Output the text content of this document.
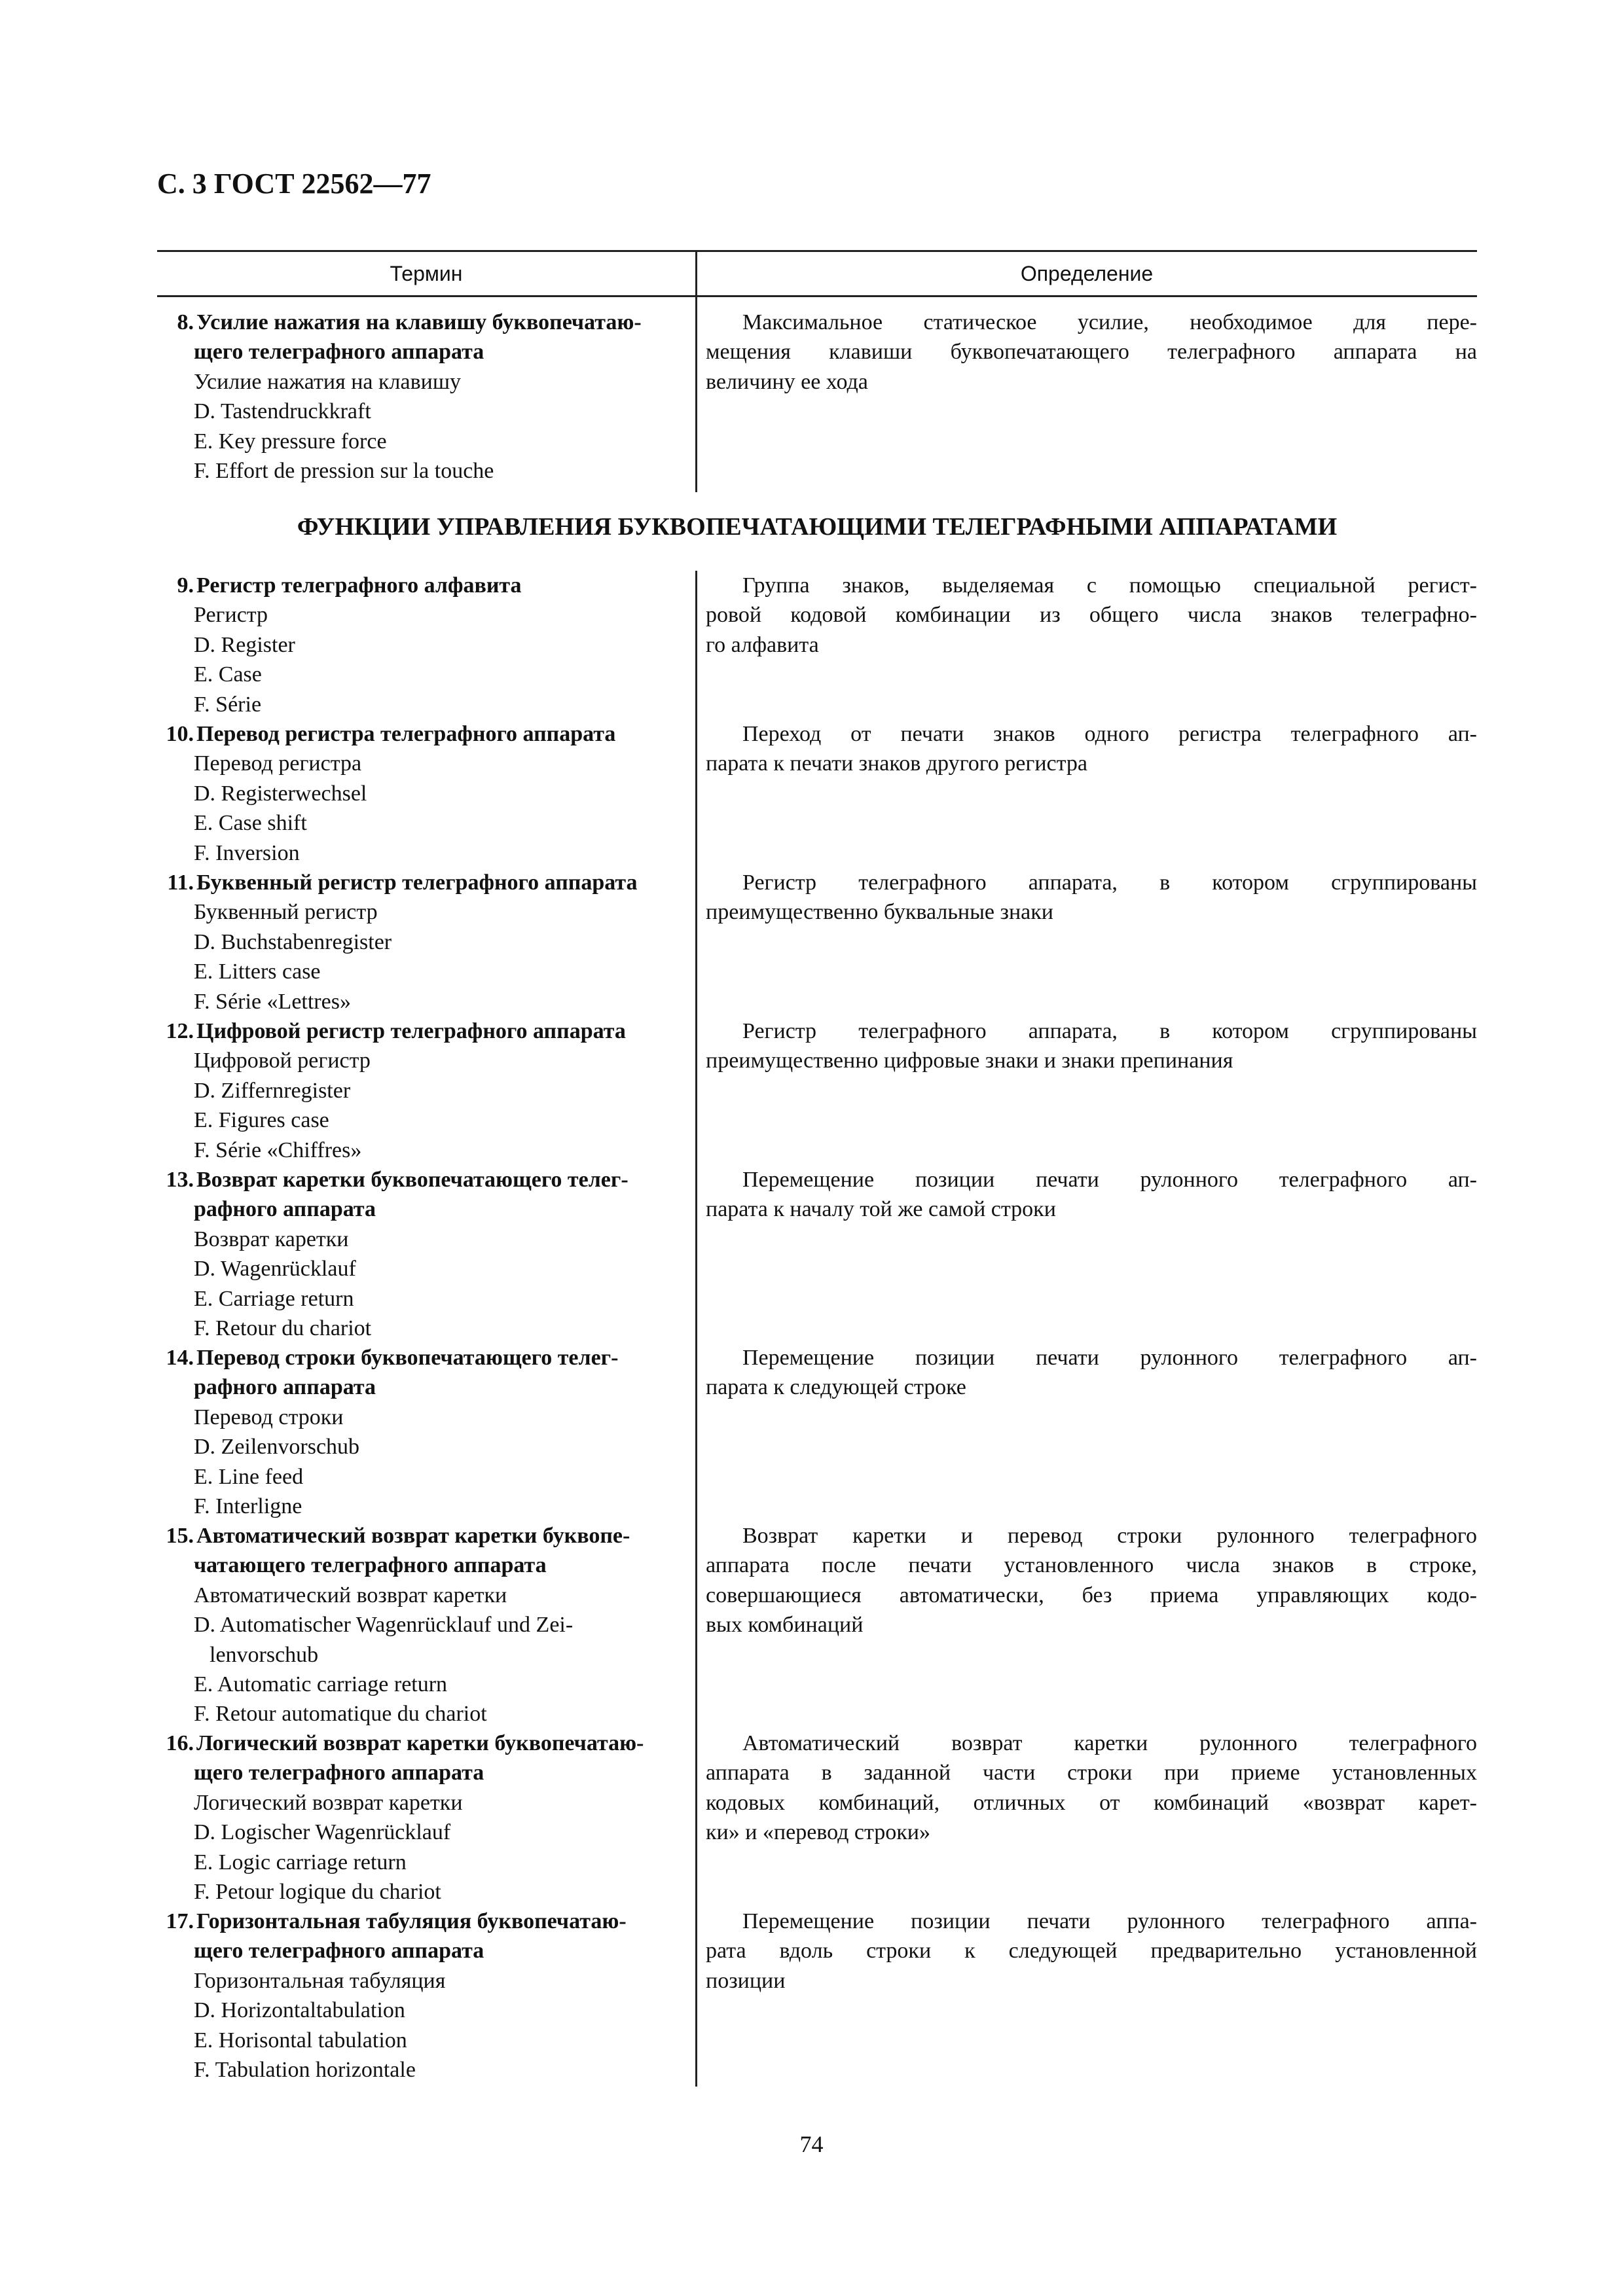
С. 3 ГОСТ 22562—77
Термин	Определение
ФУНКЦИИ УПРАВЛЕНИЯ БУКВОПЕЧАТАЮЩИМИ ТЕЛЕГРАФНЫМИ АППАРАТАМИ
8. Усилие нажатия на клавишу буквопечатаю-
щего телеграфного аппарата
Усилие нажатия на клавишу
D. Tastendruckkraft
E. Key pressure force
F. Effort de pression sur la touche
Максимальное статическое усилие, необходимое для пере-
мещения клавиши буквопечатающего телеграфного аппарата на
величину ее хода
9. Регистр телеграфного алфавита
Регистр
D. Register
E. Case
F. Série
Группа знаков, выделяемая с помощью специальной регист-
ровой кодовой комбинации из общего числа знаков телеграфно-
го алфавита
10. Перевод регистра телеграфного аппарата
Перевод регистра
D. Registerwechsel
E. Case shift
F. Inversion
Переход от печати знаков одного регистра телеграфного ап-
парата к печати знаков другого регистра
11. Буквенный регистр телеграфного аппарата
Буквенный регистр
D. Buchstabenregister
E. Litters case
F. Série «Lettres»
Регистр телеграфного аппарата, в котором сгруппированы
преимущественно буквальные знаки
12. Цифровой регистр телеграфного аппарата
Цифровой регистр
D. Ziffernregister
E. Figures case
F. Série «Chiffres»
Регистр телеграфного аппарата, в котором сгруппированы
преимущественно цифровые знаки и знаки препинания
13. Возврат каретки буквопечатающего телег-
рафного аппарата
Возврат каретки
D. Wagenrücklauf
E. Carriage return
F. Retour du chariot
Перемещение позиции печати рулонного телеграфного ап-
парата к началу той же самой строки
14. Перевод строки буквопечатающего телег-
рафного аппарата
Перевод строки
D. Zeilenvorschub
E. Line feed
F. Interligne
Перемещение позиции печати рулонного телеграфного ап-
парата к следующей строке
15. Автоматический возврат каретки буквопе-
чатающего телеграфного аппарата
Автоматический возврат каретки
D. Automatischer Wagenrücklauf und Zei-
lenvorschub
E. Automatic carriage return
F. Retour automatique du chariot
Возврат каретки и перевод строки рулонного телеграфного
аппарата после печати установленного числа знаков в строке,
совершающиеся автоматически, без приема управляющих кодо-
вых комбинаций
16. Логический возврат каретки буквопечатаю-
щего телеграфного аппарата
Логический возврат каретки
D. Logischer Wagenrücklauf
E. Logic carriage return
F. Petour logique du chariot
Автоматический возврат каретки рулонного телеграфного
аппарата в заданной части строки при приеме установленных
кодовых комбинаций, отличных от комбинаций «возврат карет-
ки» и «перевод строки»
17. Горизонтальная табуляция буквопечатаю-
щего телеграфного аппарата
Горизонтальная табуляция
D. Horizontaltabulation
E. Horisontal tabulation
F. Tabulation horizontale
Перемещение позиции печати рулонного телеграфного аппа-
рата вдоль строки к следующей предварительно установленной
позиции
74
